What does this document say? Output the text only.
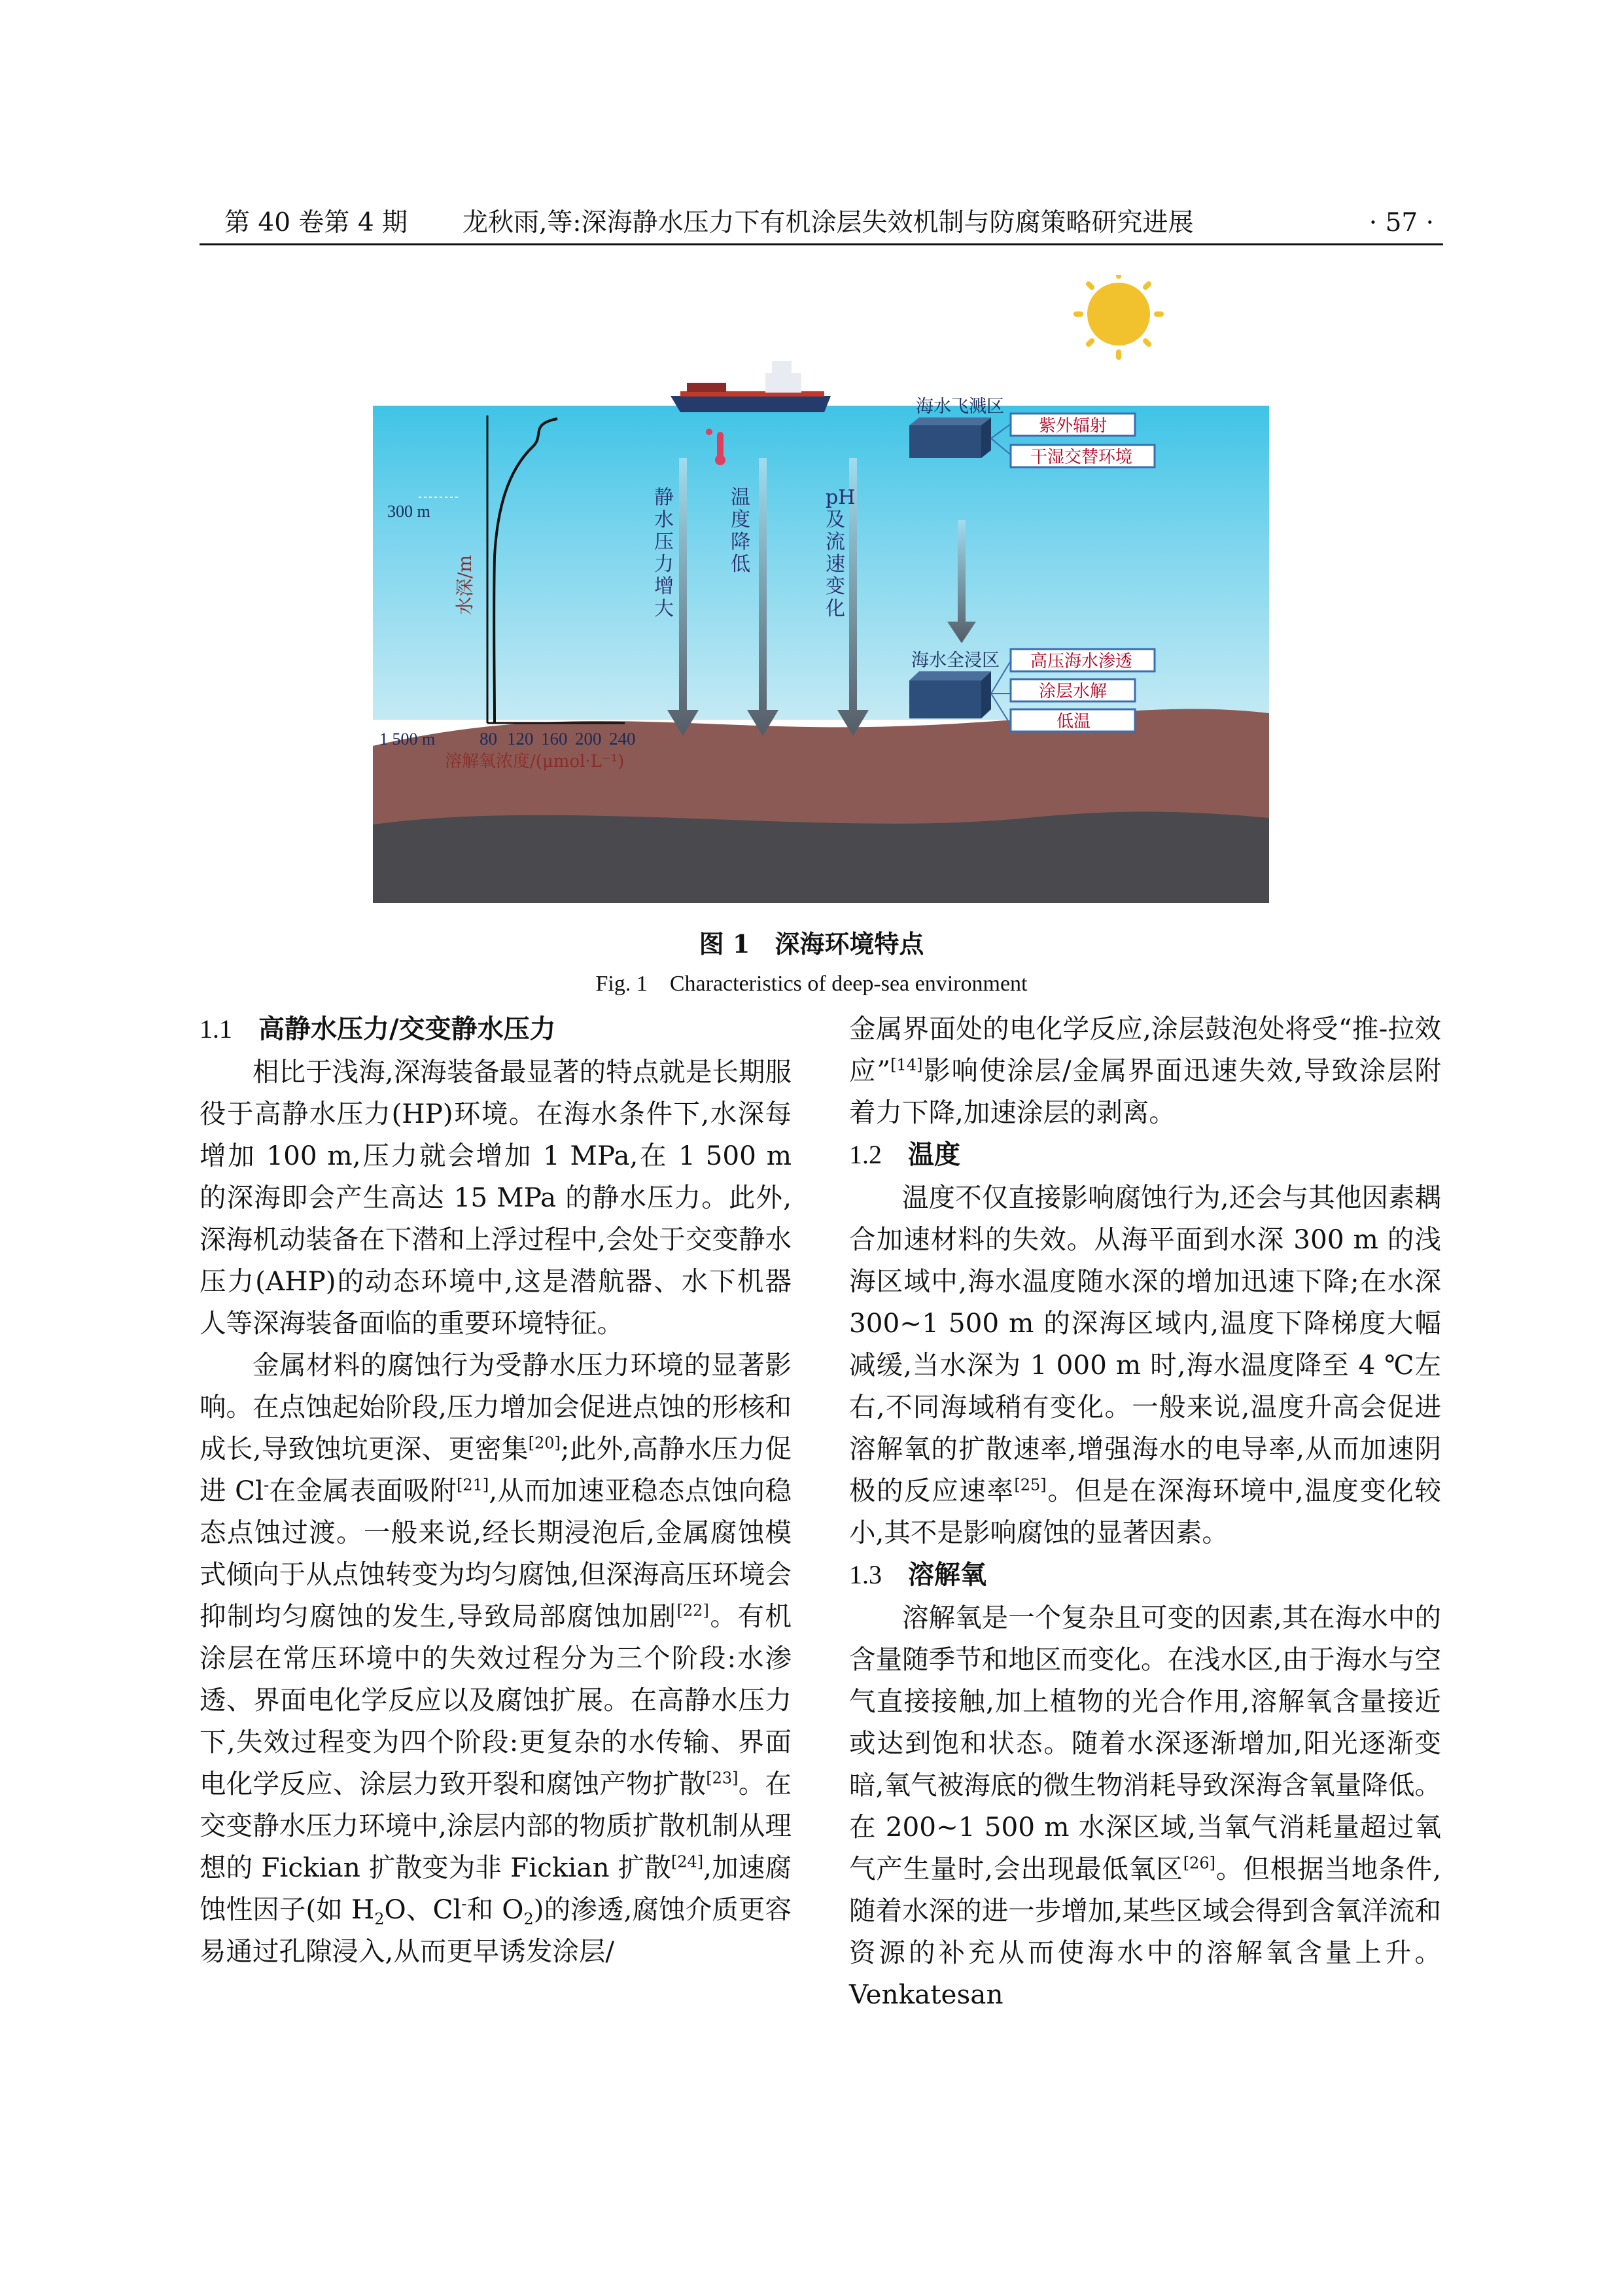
第 40 卷第 4 期 龙秋雨,等:深海静水压力下有机涂层失效机制与防腐策略研究进展	· 57 ·
300 m
1 500 m
水深/m
80 120 160 200 240
溶解氧浓度/(μmol·L⁻¹)
静水压力增大
温度降低
pH 及流速变化
海水飞溅区
紫外辐射
干湿交替环境
海水全浸区 高压海水渗透
涂层水解
低温
图 1　深海环境特点
Fig. 1　Characteristics of deep-sea environment
1.1 高静水压力/交变静水压力

相比于浅海,深海装备最显著的特点就是长期服役于高静水压力(HP)环境。在海水条件下,水深每增加 100 m,压力就会增加 1 MPa,在 1 500 m 的深海即会产生高达 15 MPa 的静水压力。此外,深海机动装备在下潜和上浮过程中,会处于交变静水压力(AHP)的动态环境中,这是潜航器、水下机器人等深海装备面临的重要环境特征。

金属材料的腐蚀行为受静水压力环境的显著影响。在点蚀起始阶段,压力增加会促进点蚀的形核和成长,导致蚀坑更深、更密集[20];此外,高静水压力促进 Cl-在金属表面吸附[21],从而加速亚稳态点蚀向稳态点蚀过渡。一般来说,经长期浸泡后,金属腐蚀模式倾向于从点蚀转变为均匀腐蚀,但深海高压环境会抑制均匀腐蚀的发生,导致局部腐蚀加剧[22]。有机涂层在常压环境中的失效过程分为三个阶段:水渗透、界面电化学反应以及腐蚀扩展。在高静水压力下,失效过程变为四个阶段:更复杂的水传输、界面电化学反应、涂层力致开裂和腐蚀产物扩散[23]。在交变静水压力环境中,涂层内部的物质扩散机制从理想的 Fickian 扩散变为非 Fickian 扩散[24],加速腐蚀性因子(如 $H_2O$、Cl-和 $O_2$)的渗透,腐蚀介质更容易通过孔隙浸入,从而更早诱发涂层/

金属界面处的电化学反应,涂层鼓泡处将受“推-拉效应”[14]影响使涂层/金属界面迅速失效,导致涂层附着力下降,加速涂层的剥离。

1.2 温度

温度不仅直接影响腐蚀行为,还会与其他因素耦合加速材料的失效。从海平面到水深 300 m 的浅海区域中,海水温度随水深的增加迅速下降;在水深 300~1 500 m 的深海区域内,温度下降梯度大幅减缓,当水深为 1 000 m 时,海水温度降至 4 ℃左右,不同海域稍有变化。一般来说,温度升高会促进溶解氧的扩散速率,增强海水的电导率,从而加速阴极的反应速率[25]。但是在深海环境中,温度变化较小,其不是影响腐蚀的显著因素。

1.3 溶解氧

溶解氧是一个复杂且可变的因素,其在海水中的含量随季节和地区而变化。在浅水区,由于海水与空气直接接触,加上植物的光合作用,溶解氧含量接近或达到饱和状态。随着水深逐渐增加,阳光逐渐变暗,氧气被海底的微生物消耗导致深海含氧量降低。在 200~1 500 m 水深区域,当氧气消耗量超过氧气产生量时,会出现最低氧区[26]。但根据当地条件,随着水深的进一步增加,某些区域会得到含氧洋流和资源的补充从而使海水中的溶解氧含量上升。Venkatesan
